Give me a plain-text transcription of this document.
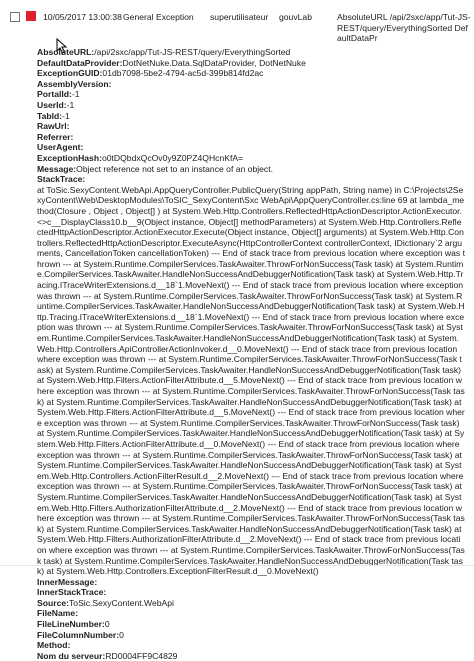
10/05/2017 13:00:38 General Exception superutilisateur gouvLab	AbsoluteURL /api/2sxc/app/Tut-JS-REST/query/EverythingSorted DefaultDataPr
AbsoluteURL:/api/2sxc/app/Tut-JS-REST/query/EverythingSorted
DefaultDataProvider:DotNetNuke.Data.SqlDataProvider, DotNetNuke
ExceptionGUID:01db7098-5be2-4794-ac5d-399b814fd2ac
AssemblyVersion:
PortalId:-1
UserId:-1
TabId:-1
RawUrl:
Referrer:
UserAgent:
ExceptionHash:o0tDQbdxQcOv0y9Z0PZ4QHcnKfA=
Message:Object reference not set to an instance of an object.
StackTrace:
at ToSic.SexyContent.WebApi.AppQueryController.PublicQuery(String appPath, String name) in C:\Projects\2SexyContent\Web\DesktopModules\ToSIC_SexyContent\Sxc WebApi\AppQueryController.cs:line 69 at lambda_method(Closure , Object , Object[] ) at System.Web.Http.Controllers.ReflectedHttpActionDescriptor.ActionExecutor.<>c__DisplayClass10.b__9(Object instance, Object[] methodParameters) at System.Web.Http.Controllers.ReflectedHttpActionDescriptor.ActionExecutor.Execute(Object instance, Object[] arguments) at System.Web.Http.Controllers.ReflectedHttpActionDescriptor.ExecuteAsync(HttpControllerContext controllerContext, IDictionary`2 arguments, CancellationToken cancellationToken) --- End of stack trace from previous location where exception was thrown --- at System.Runtime.CompilerServices.TaskAwaiter.ThrowForNonSuccess(Task task) at System.Runtime.CompilerServices.TaskAwaiter.HandleNonSuccessAndDebuggerNotification(Task task) at System.Web.Http.Tracing.ITraceWriterExtensions.d__18`1.MoveNext() --- End of stack trace from previous location where exception was thrown --- at System.Runtime.CompilerServices.TaskAwaiter.ThrowForNonSuccess(Task task) at System.Runtime.CompilerServices.TaskAwaiter.HandleNonSuccessAndDebuggerNotification(Task task) at System.Web.Http.Tracing.ITraceWriterExtensions.d__18`1.MoveNext() --- End of stack trace from previous location where exception was thrown --- at System.Runtime.CompilerServices.TaskAwaiter.ThrowForNonSuccess(Task task) at System.Runtime.CompilerServices.TaskAwaiter.HandleNonSuccessAndDebuggerNotification(Task task) at System.Web.Http.Controllers.ApiControllerActionInvoker.d__0.MoveNext() --- End of stack trace from previous location where exception was thrown --- at System.Runtime.CompilerServices.TaskAwaiter.ThrowForNonSuccess(Task task) at System.Runtime.CompilerServices.TaskAwaiter.HandleNonSuccessAndDebuggerNotification(Task task) at System.Web.Http.Filters.ActionFilterAttribute.d__5.MoveNext() --- End of stack trace from previous location where exception was thrown --- at System.Runtime.CompilerServices.TaskAwaiter.ThrowForNonSuccess(Task task) at System.Runtime.CompilerServices.TaskAwaiter.HandleNonSuccessAndDebuggerNotification(Task task) at System.Web.Http.Filters.ActionFilterAttribute.d__5.MoveNext() --- End of stack trace from previous location where exception was thrown --- at System.Runtime.CompilerServices.TaskAwaiter.ThrowForNonSuccess(Task task) at System.Runtime.CompilerServices.TaskAwaiter.HandleNonSuccessAndDebuggerNotification(Task task) at System.Web.Http.Filters.ActionFilterAttribute.d__0.MoveNext() --- End of stack trace from previous location where exception was thrown --- at System.Runtime.CompilerServices.TaskAwaiter.ThrowForNonSuccess(Task task) at System.Runtime.CompilerServices.TaskAwaiter.HandleNonSuccessAndDebuggerNotification(Task task) at System.Web.Http.Controllers.ActionFilterResult.d__2.MoveNext() --- End of stack trace from previous location where exception was thrown --- at System.Runtime.CompilerServices.TaskAwaiter.ThrowForNonSuccess(Task task) at System.Runtime.CompilerServices.TaskAwaiter.HandleNonSuccessAndDebuggerNotification(Task task) at System.Web.Http.Filters.AuthorizationFilterAttribute.d__2.MoveNext() --- End of stack trace from previous location where exception was thrown --- at System.Runtime.CompilerServices.TaskAwaiter.ThrowForNonSuccess(Task task) at System.Runtime.CompilerServices.TaskAwaiter.HandleNonSuccessAndDebuggerNotification(Task task) at System.Web.Http.Filters.AuthorizationFilterAttribute.d__2.MoveNext() --- End of stack trace from previous location where exception was thrown --- at System.Runtime.CompilerServices.TaskAwaiter.ThrowForNonSuccess(Task task) at System.Runtime.CompilerServices.TaskAwaiter.HandleNonSuccessAndDebuggerNotification(Task task) at System.Web.Http.Controllers.ExceptionFilterResult.d__0.MoveNext()
InnerMessage:
InnerStackTrace:
Source:ToSic.SexyContent.WebApi
FileName:
FileLineNumber:0
FileColumnNumber:0
Method:
Nom du serveur:RD0004FF9C4829
